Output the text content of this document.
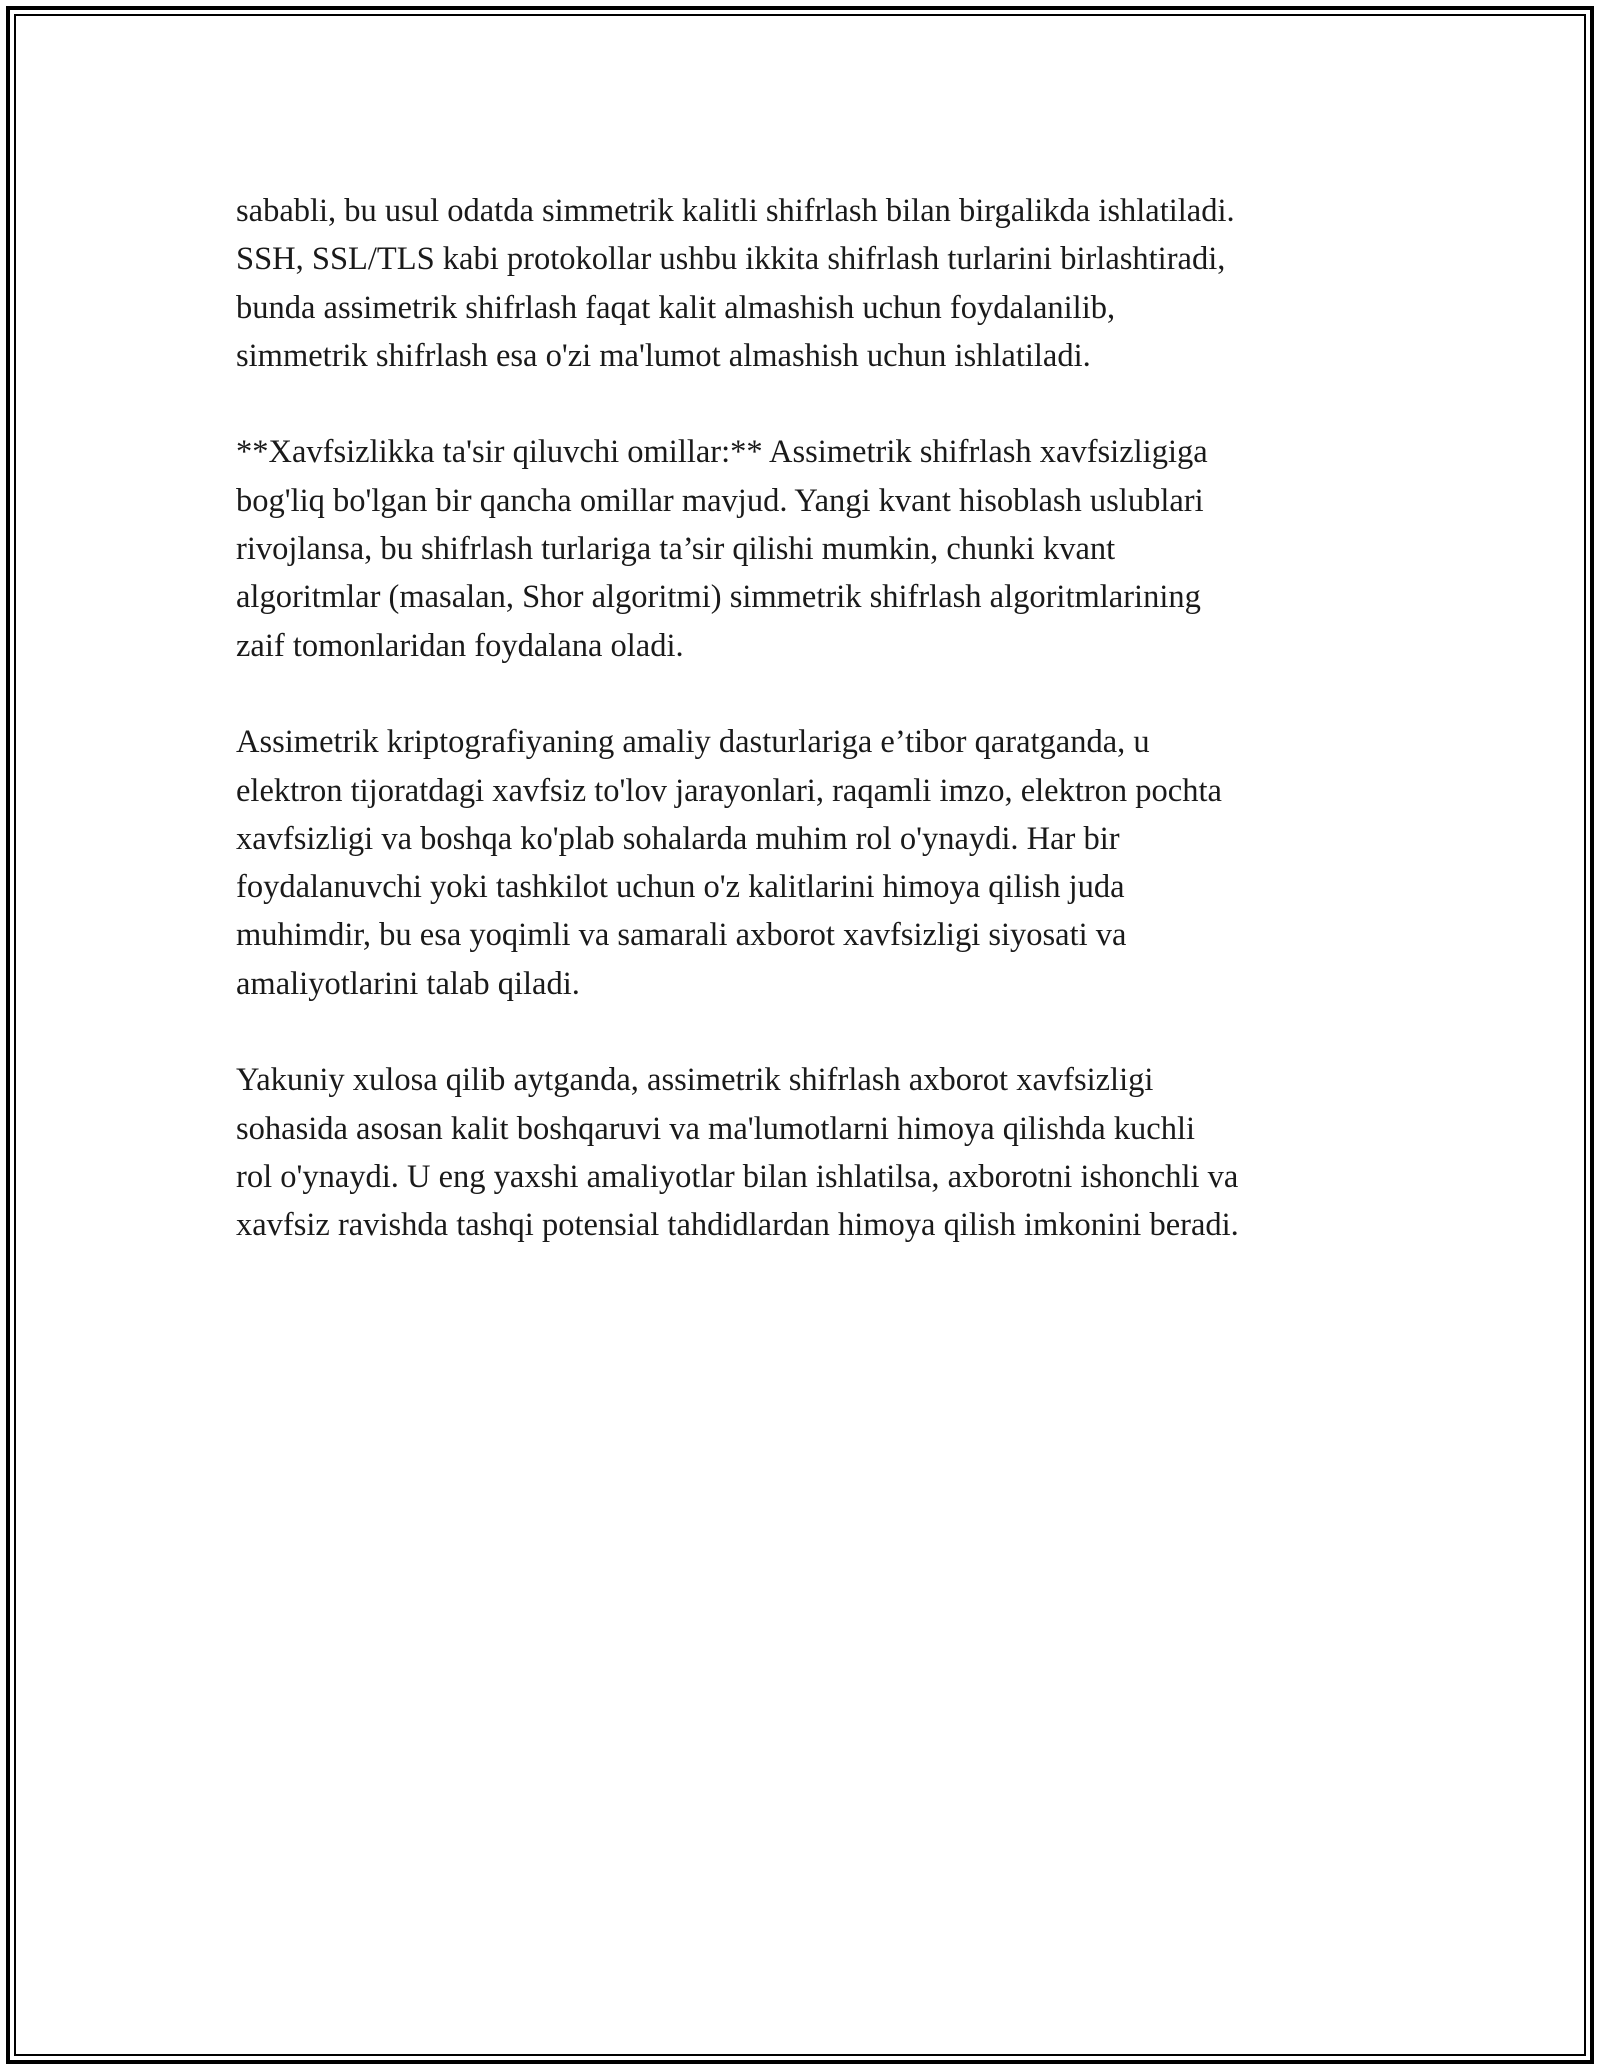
sababli, bu usul odatda simmetrik kalitli shifrlash bilan birgalikda ishlatiladi.
SSH, SSL/TLS kabi protokollar ushbu ikkita shifrlash turlarini birlashtiradi,
bunda assimetrik shifrlash faqat kalit almashish uchun foydalanilib,
simmetrik shifrlash esa o'zi ma'lumot almashish uchun ishlatiladi.

**Xavfsizlikka ta'sir qiluvchi omillar:** Assimetrik shifrlash xavfsizligiga
bog'liq bo'lgan bir qancha omillar mavjud. Yangi kvant hisoblash uslublari
rivojlansa, bu shifrlash turlariga ta’sir qilishi mumkin, chunki kvant
algoritmlar (masalan, Shor algoritmi) simmetrik shifrlash algoritmlarining
zaif tomonlaridan foydalana oladi.

Assimetrik kriptografiyaning amaliy dasturlariga e’tibor qaratganda, u
elektron tijoratdagi xavfsiz to'lov jarayonlari, raqamli imzo, elektron pochta
xavfsizligi va boshqa ko'plab sohalarda muhim rol o'ynaydi. Har bir
foydalanuvchi yoki tashkilot uchun o'z kalitlarini himoya qilish juda
muhimdir, bu esa yoqimli va samarali axborot xavfsizligi siyosati va
amaliyotlarini talab qiladi.

Yakuniy xulosa qilib aytganda, assimetrik shifrlash axborot xavfsizligi
sohasida asosan kalit boshqaruvi va ma'lumotlarni himoya qilishda kuchli
rol o'ynaydi. U eng yaxshi amaliyotlar bilan ishlatilsa, axborotni ishonchli va
xavfsiz ravishda tashqi potensial tahdidlardan himoya qilish imkonini beradi.
